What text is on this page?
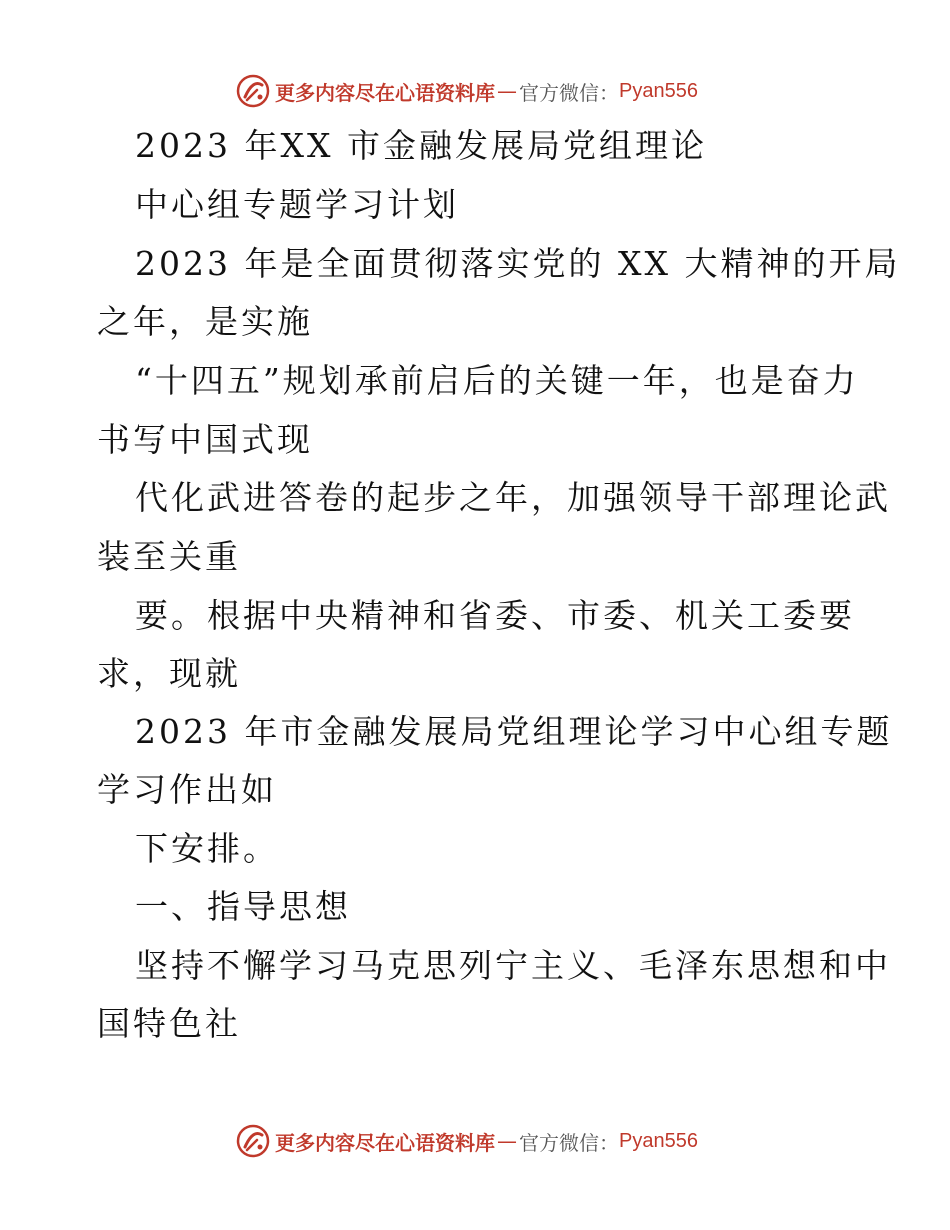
更多内容尽在心语资料库 — 官方微信： Pyan556
2023 年XX 市金融发展局党组理论
中心组专题学习计划
2023 年是全面贯彻落实党的 XX 大精神的开局
之年，是实施
“十四五”规划承前启后的关键一年，也是奋力
书写中国式现
代化武进答卷的起步之年，加强领导干部理论武
装至关重
要。根据中央精神和省委、市委、机关工委要
求，现就
2023 年市金融发展局党组理论学习中心组专题
学习作出如
下安排。
一、指导思想
坚持不懈学习马克思列宁主义、毛泽东思想和中
国特色社
更多内容尽在心语资料库 — 官方微信： Pyan556
